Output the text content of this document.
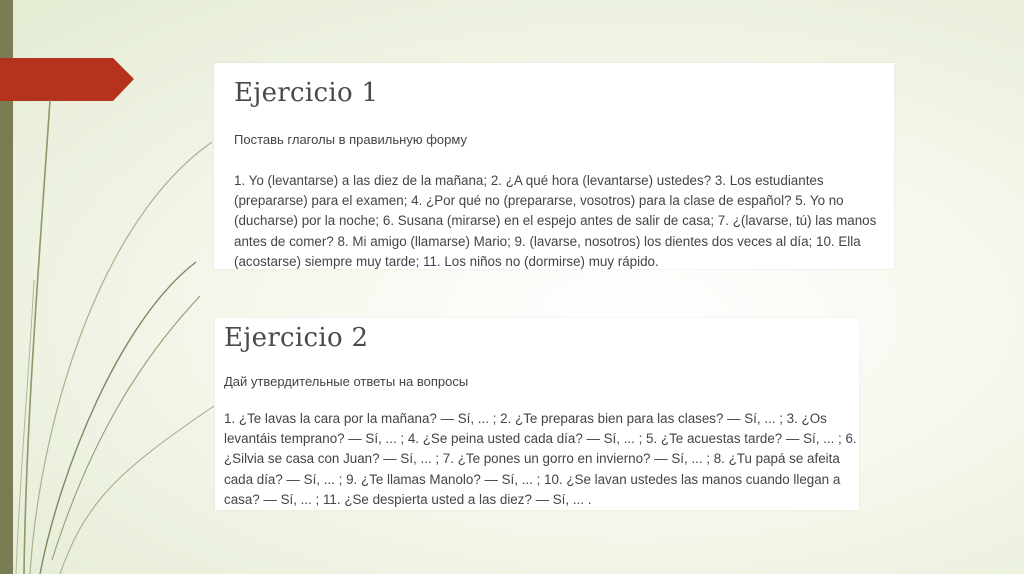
Ejercicio 1
Поставь глаголы в правильную форму
1. Yo (levantarse) a las diez de la mañana; 2. ¿A qué hora (levantarse) ustedes? 3. Los estudiantes (prepararse) para el examen; 4. ¿Por qué no (prepararse, vosotros) para la clase de español? 5. Yo no (ducharse) por la noche; 6. Susana (mirarse) en el espejo antes de salir de casa; 7. ¿(lavarse, tú) las manos antes de comer? 8. Mi amigo (llamarse) Mario; 9. (lavarse, nosotros) los dientes dos veces al día; 10. Ella (acostarse) siempre muy tarde; 11. Los niños no (dormirse) muy rápido.
Ejercicio 2
Дай утвердительные ответы на вопросы
1. ¿Te lavas la cara por la mañana? — Sí, ... ; 2. ¿Te preparas bien para las clases? — Sí, ... ; 3. ¿Os levantáis temprano? — Sí, ... ; 4. ¿Se peina usted cada día? — Sí, ... ; 5. ¿Te acuestas tarde? — Sí, ... ; 6. ¿Silvia se casa con Juan? — Sí, ... ; 7. ¿Te pones un gorro en invierno? — Sí, ... ; 8. ¿Tu papá se afeita cada día? — Sí, ... ; 9. ¿Te llamas Manolo? — Sí, ... ; 10. ¿Se lavan ustedes las manos cuando llegan a casa? — Sí, ... ; 11. ¿Se despierta usted a las diez? — Sí, ... .
